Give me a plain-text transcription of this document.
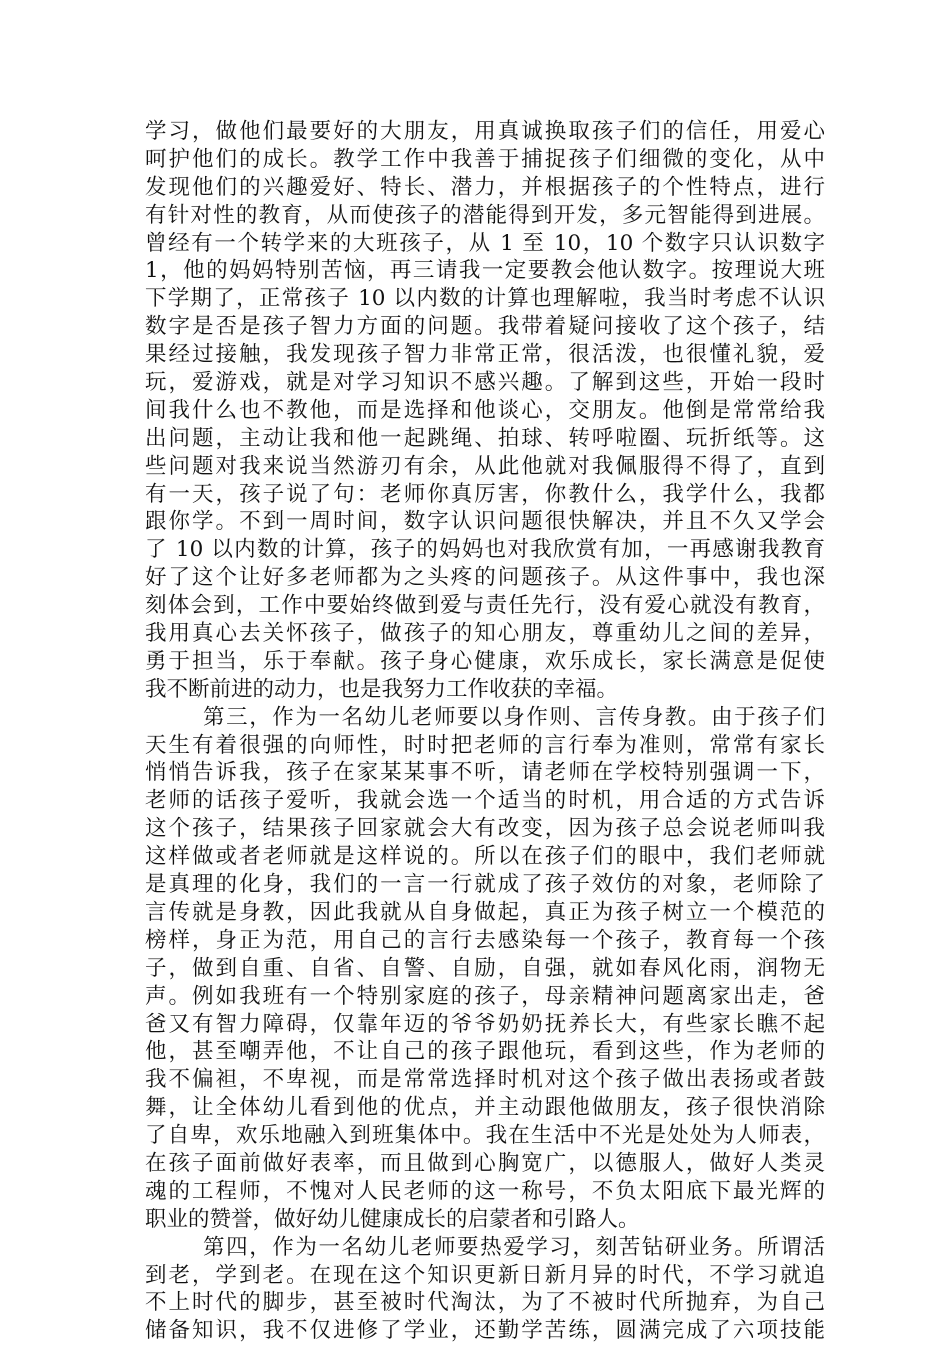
学习，做他们最要好的大朋友，用真诚换取孩子们的信任，用爱心
呵护他们的成长。教学工作中我善于捕捉孩子们细微的变化，从中
发现他们的兴趣爱好、特长、潜力，并根据孩子的个性特点，进行
有针对性的教育，从而使孩子的潜能得到开发，多元智能得到进展。
曾经有一个转学来的大班孩子，从 1 至 10，10 个数字只认识数字
1，他的妈妈特别苦恼，再三请我一定要教会他认数字。按理说大班
下学期了，正常孩子 10 以内数的计算也理解啦，我当时考虑不认识
数字是否是孩子智力方面的问题。我带着疑问接收了这个孩子，结
果经过接触，我发现孩子智力非常正常，很活泼，也很懂礼貌，爱
玩，爱游戏，就是对学习知识不感兴趣。了解到这些，开始一段时
间我什么也不教他，而是选择和他谈心，交朋友。他倒是常常给我
出问题，主动让我和他一起跳绳、拍球、转呼啦圈、玩折纸等。这
些问题对我来说当然游刃有余，从此他就对我佩服得不得了，直到
有一天，孩子说了句：老师你真厉害，你教什么，我学什么，我都
跟你学。不到一周时间，数字认识问题很快解决，并且不久又学会
了 10 以内数的计算，孩子的妈妈也对我欣赏有加，一再感谢我教育
好了这个让好多老师都为之头疼的问题孩子。从这件事中，我也深
刻体会到，工作中要始终做到爱与责任先行，没有爱心就没有教育，
我用真心去关怀孩子，做孩子的知心朋友，尊重幼儿之间的差异，
勇于担当，乐于奉献。孩子身心健康，欢乐成长，家长满意是促使
我不断前进的动力，也是我努力工作收获的幸福。
第三，作为一名幼儿老师要以身作则、言传身教。由于孩子们
天生有着很强的向师性，时时把老师的言行奉为准则，常常有家长
悄悄告诉我，孩子在家某某事不听，请老师在学校特别强调一下，
老师的话孩子爱听，我就会选一个适当的时机，用合适的方式告诉
这个孩子，结果孩子回家就会大有改变，因为孩子总会说老师叫我
这样做或者老师就是这样说的。所以在孩子们的眼中，我们老师就
是真理的化身，我们的一言一行就成了孩子效仿的对象，老师除了
言传就是身教，因此我就从自身做起，真正为孩子树立一个模范的
榜样，身正为范，用自己的言行去感染每一个孩子，教育每一个孩
子，做到自重、自省、自警、自励，自强，就如春风化雨，润物无
声。例如我班有一个特别家庭的孩子，母亲精神问题离家出走，爸
爸又有智力障碍，仅靠年迈的爷爷奶奶抚养长大，有些家长瞧不起
他，甚至嘲弄他，不让自己的孩子跟他玩，看到这些，作为老师的
我不偏袒，不卑视，而是常常选择时机对这个孩子做出表扬或者鼓
舞，让全体幼儿看到他的优点，并主动跟他做朋友，孩子很快消除
了自卑，欢乐地融入到班集体中。我在生活中不光是处处为人师表，
在孩子面前做好表率，而且做到心胸宽广，以德服人，做好人类灵
魂的工程师，不愧对人民老师的这一称号，不负太阳底下最光辉的
职业的赞誉，做好幼儿健康成长的启蒙者和引路人。
第四，作为一名幼儿老师要热爱学习，刻苦钻研业务。所谓活
到老，学到老。在现在这个知识更新日新月异的时代，不学习就追
不上时代的脚步，甚至被时代淘汰，为了不被时代所抛弃，为自己
储备知识，我不仅进修了学业，还勤学苦练，圆满完成了六项技能
